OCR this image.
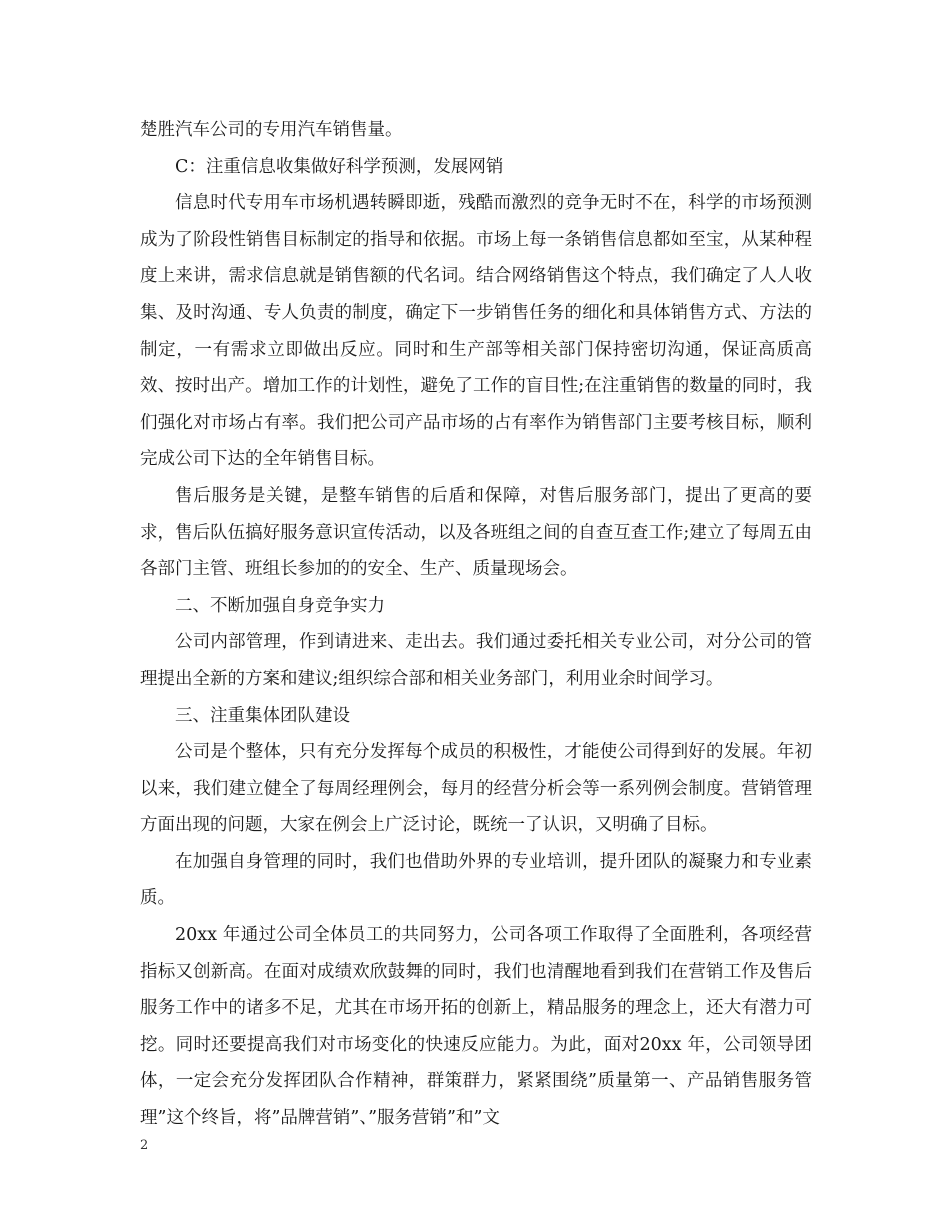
楚胜汽车公司的专用汽车销售量。

C：注重信息收集做好科学预测，发展网销

信息时代专用车市场机遇转瞬即逝，残酷而激烈的竞争无时不在，科学的市场预测成为了阶段性销售目标制定的指导和依据。市场上每一条销售信息都如至宝，从某种程度上来讲，需求信息就是销售额的代名词。结合网络销售这个特点，我们确定了人人收集、及时沟通、专人负责的制度，确定下一步销售任务的细化和具体销售方式、方法的制定，一有需求立即做出反应。同时和生产部等相关部门保持密切沟通，保证高质高效、按时出产。增加工作的计划性，避免了工作的盲目性;在注重销售的数量的同时，我们强化对市场占有率。我们把公司产品市场的占有率作为销售部门主要考核目标，顺利完成公司下达的全年销售目标。

售后服务是关键，是整车销售的后盾和保障，对售后服务部门，提出了更高的要求，售后队伍搞好服务意识宣传活动，以及各班组之间的自查互查工作;建立了每周五由各部门主管、班组长参加的的安全、生产、质量现场会。

二、不断加强自身竞争实力

公司内部管理，作到请进来、走出去。我们通过委托相关专业公司，对分公司的管理提出全新的方案和建议;组织综合部和相关业务部门，利用业余时间学习。

三、注重集体团队建设

公司是个整体，只有充分发挥每个成员的积极性，才能使公司得到好的发展。年初以来，我们建立健全了每周经理例会，每月的经营分析会等一系列例会制度。营销管理方面出现的问题，大家在例会上广泛讨论，既统一了认识，又明确了目标。

在加强自身管理的同时，我们也借助外界的专业培训，提升团队的凝聚力和专业素质。

20xx 年通过公司全体员工的共同努力，公司各项工作取得了全面胜利，各项经营指标又创新高。在面对成绩欢欣鼓舞的同时，我们也清醒地看到我们在营销工作及售后服务工作中的诸多不足，尤其在市场开拓的创新上，精品服务的理念上，还大有潜力可挖。同时还要提高我们对市场变化的快速反应能力。为此，面对20xx 年，公司领导团体，一定会充分发挥团队合作精神，群策群力，紧紧围绕”质量第一、产品销售服务管理”这个终旨，将”品牌营销”、”服务营销”和”文

2
